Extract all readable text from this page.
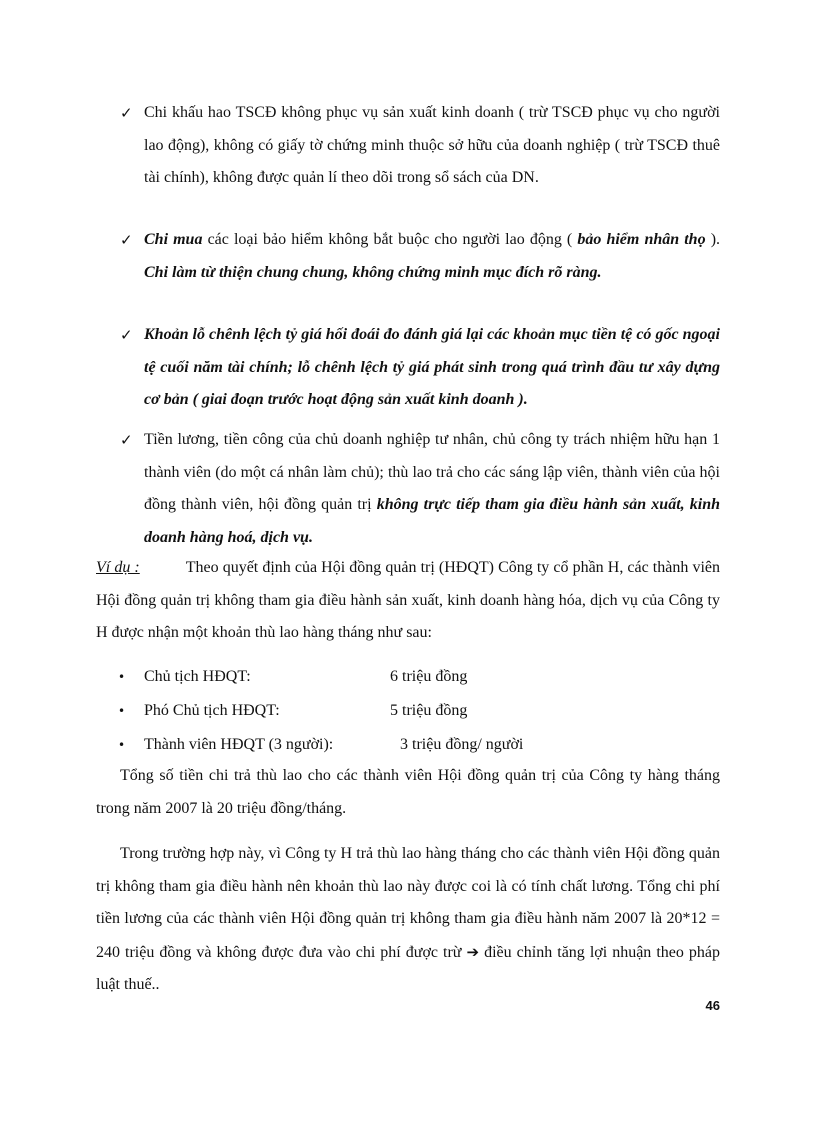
✓ Chi khấu hao TSCĐ không phục vụ sản xuất kinh doanh ( trừ TSCĐ phục vụ cho người lao động), không có giấy tờ chứng minh thuộc sở hữu của doanh nghiệp ( trừ TSCĐ thuê tài chính), không được quản lí theo dõi trong sổ sách của DN.
✓ Chi mua các loại bảo hiểm không bắt buộc cho người lao động ( bảo hiểm nhân thọ ). Chi làm từ thiện chung chung, không chứng minh mục đích rõ ràng.
✓ Khoản lỗ chênh lệch tỷ giá hối đoái đo đánh giá lại các khoản mục tiền tệ có gốc ngoại tệ cuối năm tài chính; lỗ chênh lệch tỷ giá phát sinh trong quá trình đầu tư xây dựng cơ bản ( giai đoạn trước hoạt động sản xuất kinh doanh ).
✓ Tiền lương, tiền công của chủ doanh nghiệp tư nhân, chủ công ty trách nhiệm hữu hạn 1 thành viên (do một cá nhân làm chủ); thù lao trả cho các sáng lập viên, thành viên của hội đồng thành viên, hội đồng quản trị không trực tiếp tham gia điều hành sản xuất, kinh doanh hàng hoá, dịch vụ.
Ví dụ :	Theo quyết định của Hội đồng quản trị (HĐQT) Công ty cổ phần H, các thành viên Hội đồng quản trị không tham gia điều hành sản xuất, kinh doanh hàng hóa, dịch vụ của Công ty H được nhận một khoản thù lao hàng tháng như sau:
• Chủ tịch HĐQT:	6 triệu đồng
• Phó Chủ tịch HĐQT:	5 triệu đồng
• Thành viên HĐQT (3 người):	3 triệu đồng/ người
Tổng số tiền chi trả thù lao cho các thành viên Hội đồng quản trị của Công ty hàng tháng trong năm 2007 là 20 triệu đồng/tháng.
Trong trường hợp này, vì Công ty H trả thù lao hàng tháng cho các thành viên Hội đồng quản trị không tham gia điều hành nên khoản thù lao này được coi là có tính chất lương. Tổng chi phí tiền lương của các thành viên Hội đồng quản trị không tham gia điều hành năm 2007 là 20*12 = 240 triệu đồng và không được đưa vào chi phí được trừ ➔ điều chỉnh tăng lợi nhuận theo pháp luật thuế..
46
